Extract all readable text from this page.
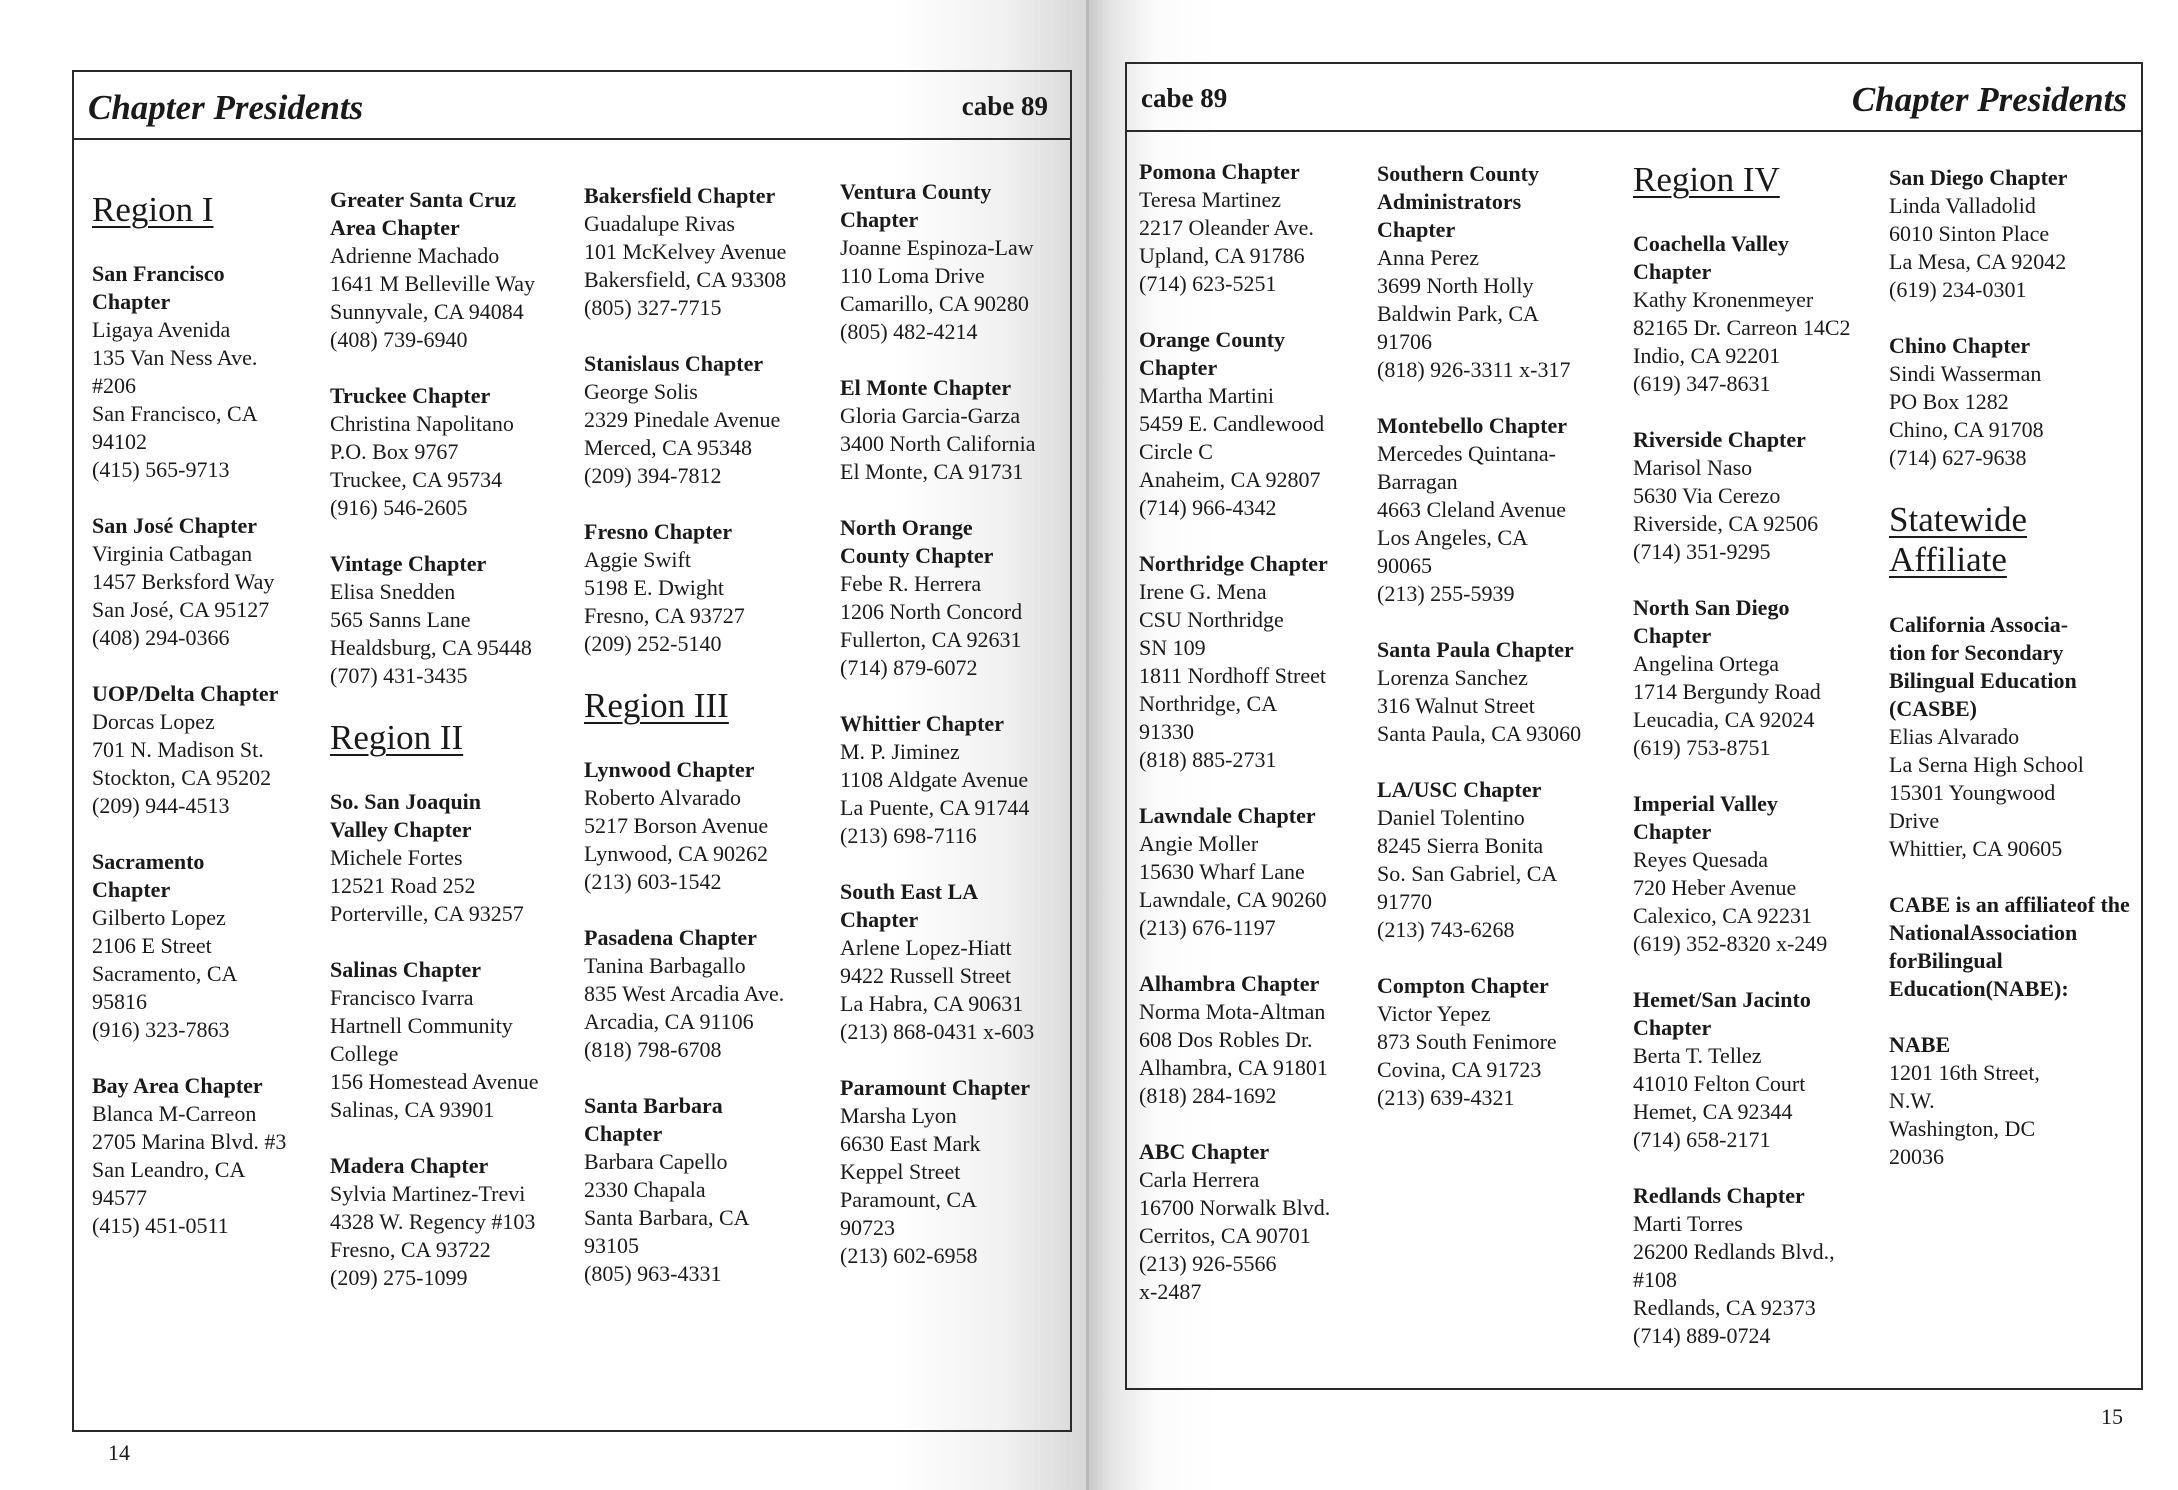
Chapter Presidents	cabe 89
Region I
San Francisco
Chapter
Ligaya Avenida
135 Van Ness Ave.
#206
San Francisco, CA
94102
(415) 565-9713
San José Chapter
Virginia Catbagan
1457 Berksford Way
San José, CA 95127
(408) 294-0366
UOP/Delta Chapter
Dorcas Lopez
701 N. Madison St.
Stockton, CA 95202
(209) 944-4513
Sacramento
Chapter
Gilberto Lopez
2106 E Street
Sacramento, CA
95816
(916) 323-7863
Bay Area Chapter
Blanca M-Carreon
2705 Marina Blvd. #3
San Leandro, CA
94577
(415) 451-0511
Greater Santa Cruz
Area Chapter
Adrienne Machado
1641 M Belleville Way
Sunnyvale, CA 94084
(408) 739-6940
Truckee Chapter
Christina Napolitano
P.O. Box 9767
Truckee, CA 95734
(916) 546-2605
Vintage Chapter
Elisa Snedden
565 Sanns Lane
Healdsburg, CA 95448
(707) 431-3435
Region II
So. San Joaquin
Valley Chapter
Michele Fortes
12521 Road 252
Porterville, CA 93257
Salinas Chapter
Francisco Ivarra
Hartnell Community
College
156 Homestead Avenue
Salinas, CA 93901
Madera Chapter
Sylvia Martinez-Trevi
4328 W. Regency #103
Fresno, CA 93722
(209) 275-1099
Bakersfield Chapter
Guadalupe Rivas
101 McKelvey Avenue
Bakersfield, CA 93308
(805) 327-7715
Stanislaus Chapter
George Solis
2329 Pinedale Avenue
Merced, CA 95348
(209) 394-7812
Fresno Chapter
Aggie Swift
5198 E. Dwight
Fresno, CA 93727
(209) 252-5140
Region III
Lynwood Chapter
Roberto Alvarado
5217 Borson Avenue
Lynwood, CA 90262
(213) 603-1542
Pasadena Chapter
Tanina Barbagallo
835 West Arcadia Ave.
Arcadia, CA 91106
(818) 798-6708
Santa Barbara
Chapter
Barbara Capello
2330 Chapala
Santa Barbara, CA
93105
(805) 963-4331
Ventura County
Chapter
Joanne Espinoza-Law
110 Loma Drive
Camarillo, CA 90280
(805) 482-4214
El Monte Chapter
Gloria Garcia-Garza
3400 North California
El Monte, CA 91731
North Orange
County Chapter
Febe R. Herrera
1206 North Concord
Fullerton, CA 92631
(714) 879-6072
Whittier Chapter
M. P. Jiminez
1108 Aldgate Avenue
La Puente, CA 91744
(213) 698-7116
South East LA
Chapter
Arlene Lopez-Hiatt
9422 Russell Street
La Habra, CA 90631
(213) 868-0431 x-603
Paramount Chapter
Marsha Lyon
6630 East Mark
Keppel Street
Paramount, CA
90723
(213) 602-6958
14
cabe 89	Chapter Presidents
Pomona Chapter
Teresa Martinez
2217 Oleander Ave.
Upland, CA 91786
(714) 623-5251
Orange County
Chapter
Martha Martini
5459 E. Candlewood
Circle C
Anaheim, CA 92807
(714) 966-4342
Northridge Chapter
Irene G. Mena
CSU Northridge
SN 109
1811 Nordhoff Street
Northridge, CA
91330
(818) 885-2731
Lawndale Chapter
Angie Moller
15630 Wharf Lane
Lawndale, CA 90260
(213) 676-1197
Alhambra Chapter
Norma Mota-Altman
608 Dos Robles Dr.
Alhambra, CA 91801
(818) 284-1692
ABC Chapter
Carla Herrera
16700 Norwalk Blvd.
Cerritos, CA 90701
(213) 926-5566
x-2487
Southern County
Administrators
Chapter
Anna Perez
3699 North Holly
Baldwin Park, CA
91706
(818) 926-3311 x-317
Montebello Chapter
Mercedes Quintana-
Barragan
4663 Cleland Avenue
Los Angeles, CA
90065
(213) 255-5939
Santa Paula Chapter
Lorenza Sanchez
316 Walnut Street
Santa Paula, CA 93060
LA/USC Chapter
Daniel Tolentino
8245 Sierra Bonita
So. San Gabriel, CA
91770
(213) 743-6268
Compton Chapter
Victor Yepez
873 South Fenimore
Covina, CA 91723
(213) 639-4321
Region IV
Coachella Valley
Chapter
Kathy Kronenmeyer
82165 Dr. Carreon 14C2
Indio, CA 92201
(619) 347-8631
Riverside Chapter
Marisol Naso
5630 Via Cerezo
Riverside, CA 92506
(714) 351-9295
North San Diego
Chapter
Angelina Ortega
1714 Bergundy Road
Leucadia, CA 92024
(619) 753-8751
Imperial Valley
Chapter
Reyes Quesada
720 Heber Avenue
Calexico, CA 92231
(619) 352-8320 x-249
Hemet/San Jacinto
Chapter
Berta T. Tellez
41010 Felton Court
Hemet, CA 92344
(714) 658-2171
Redlands Chapter
Marti Torres
26200 Redlands Blvd.,
#108
Redlands, CA 92373
(714) 889-0724
San Diego Chapter
Linda Valladolid
6010 Sinton Place
La Mesa, CA 92042
(619) 234-0301
Chino Chapter
Sindi Wasserman
PO Box 1282
Chino, CA 91708
(714) 627-9638
Statewide Affiliate
California Associa-
tion for Secondary
Bilingual Education
(CASBE)
Elias Alvarado
La Serna High School
15301 Youngwood
Drive
Whittier, CA 90605
CABE is an affiliateof the NationalAssociation forBilingual Education(NABE):
NABE
1201 16th Street,
N.W.
Washington, DC
20036
15
